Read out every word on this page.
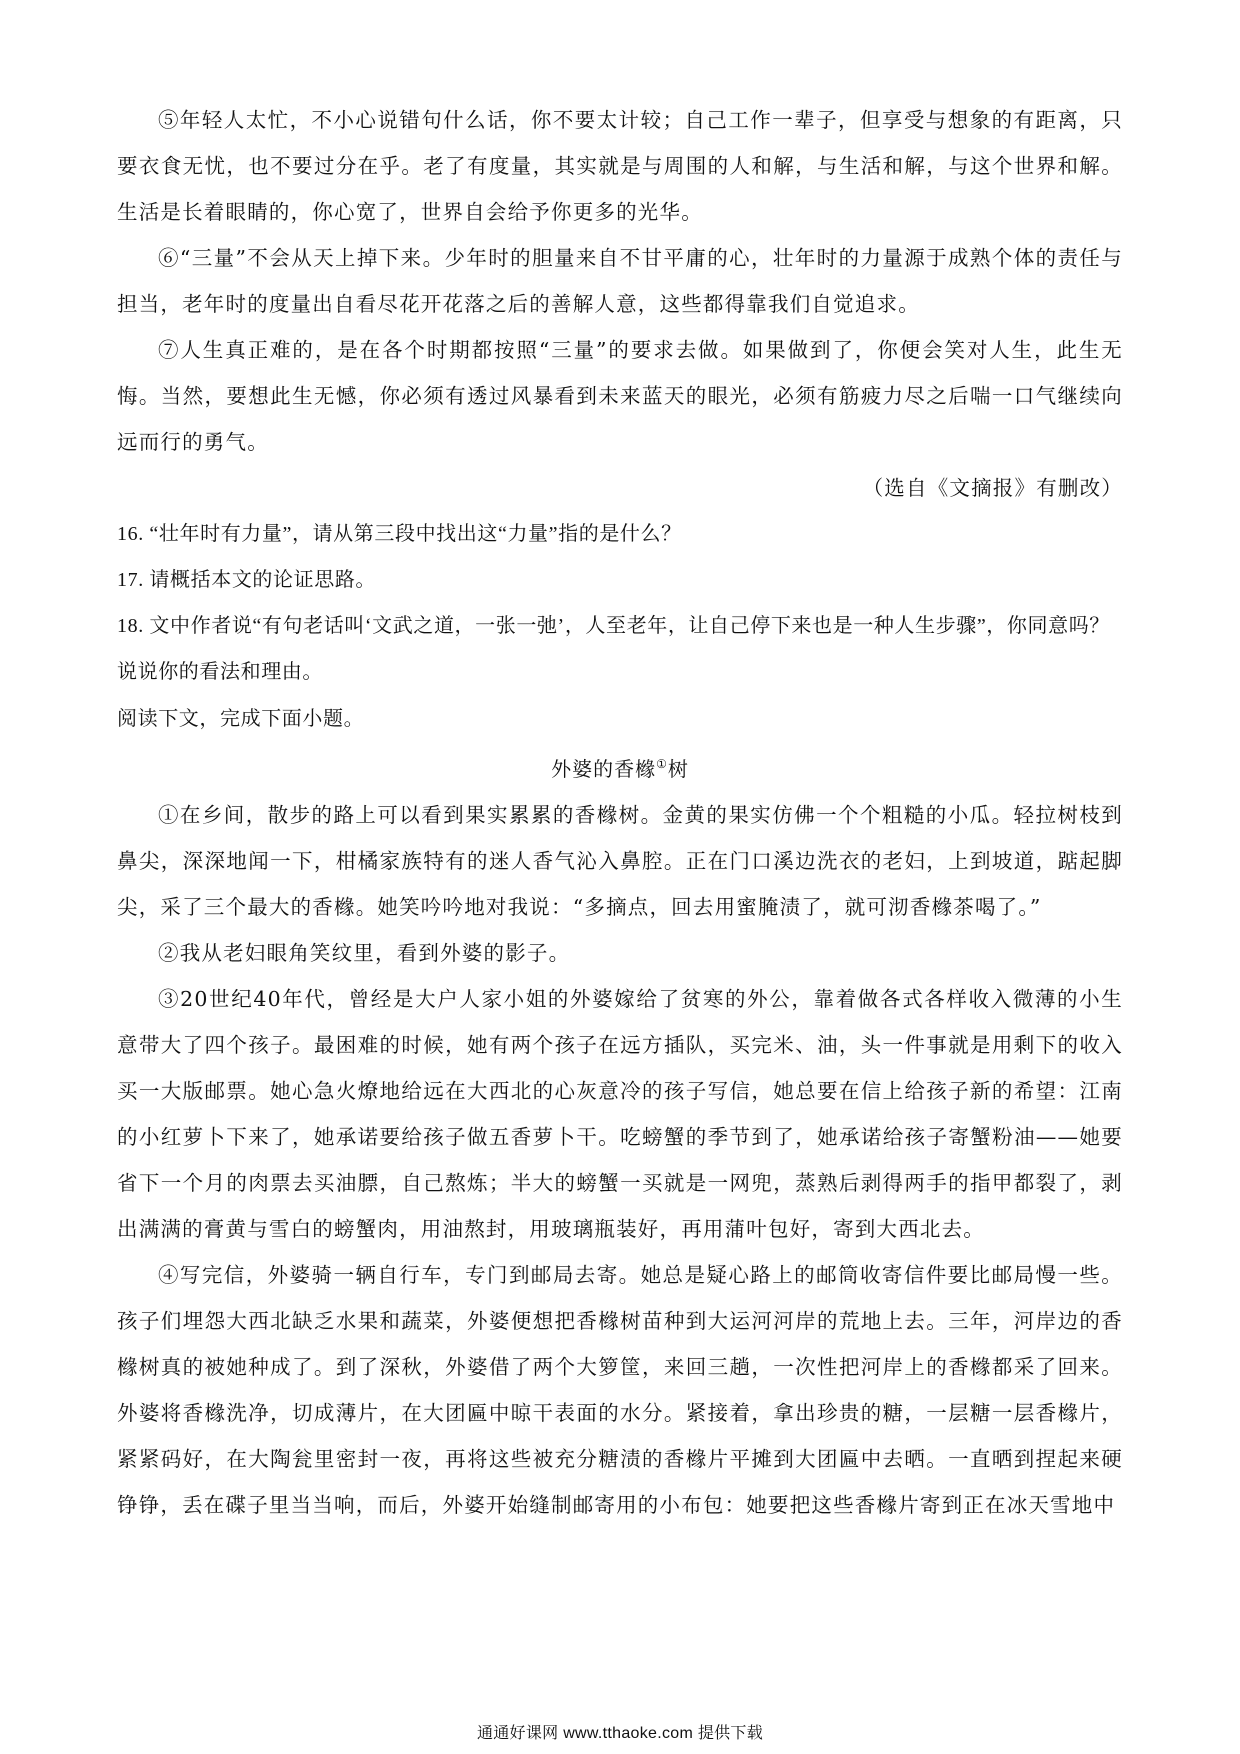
⑤年轻人太忙，不小心说错句什么话，你不要太计较；自己工作一辈子，但享受与想象的有距离，只要衣食无忧，也不要过分在乎。老了有度量，其实就是与周围的人和解，与生活和解，与这个世界和解。生活是长着眼睛的，你心宽了，世界自会给予你更多的光华。

⑥“三量”不会从天上掉下来。少年时的胆量来自不甘平庸的心，壮年时的力量源于成熟个体的责任与担当，老年时的度量出自看尽花开花落之后的善解人意，这些都得靠我们自觉追求。

⑦人生真正难的，是在各个时期都按照“三量”的要求去做。如果做到了，你便会笑对人生，此生无悔。当然，要想此生无憾，你必须有透过风暴看到未来蓝天的眼光，必须有筋疲力尽之后喘一口气继续向远而行的勇气。

（选自《文摘报》有删改）

16. “壮年时有力量”，请从第三段中找出这“力量”指的是什么？

17. 请概括本文的论证思路。

18. 文中作者说“有句老话叫‘文武之道，一张一弛’，人至老年，让自己停下来也是一种人生步骤”，你同意吗？说说你的看法和理由。

阅读下文，完成下面小题。

外婆的香橼①树

①在乡间，散步的路上可以看到果实累累的香橼树。金黄的果实仿佛一个个粗糙的小瓜。轻拉树枝到鼻尖，深深地闻一下，柑橘家族特有的迷人香气沁入鼻腔。正在门口溪边洗衣的老妇，上到坡道，踮起脚尖，采了三个最大的香橼。她笑吟吟地对我说：“多摘点，回去用蜜腌渍了，就可沏香橼茶喝了。”

②我从老妇眼角笑纹里，看到外婆的影子。

③20世纪40年代，曾经是大户人家小姐的外婆嫁给了贫寒的外公，靠着做各式各样收入微薄的小生意带大了四个孩子。最困难的时候，她有两个孩子在远方插队，买完米、油，头一件事就是用剩下的收入买一大版邮票。她心急火燎地给远在大西北的心灰意冷的孩子写信，她总要在信上给孩子新的希望：江南的小红萝卜下来了，她承诺要给孩子做五香萝卜干。吃螃蟹的季节到了，她承诺给孩子寄蟹粉油——她要省下一个月的肉票去买油膘，自己熬炼；半大的螃蟹一买就是一网兜，蒸熟后剥得两手的指甲都裂了，剥出满满的膏黄与雪白的螃蟹肉，用油熬封，用玻璃瓶装好，再用蒲叶包好，寄到大西北去。

④写完信，外婆骑一辆自行车，专门到邮局去寄。她总是疑心路上的邮筒收寄信件要比邮局慢一些。孩子们埋怨大西北缺乏水果和蔬菜，外婆便想把香橼树苗种到大运河河岸的荒地上去。三年，河岸边的香橼树真的被她种成了。到了深秋，外婆借了两个大箩筐，来回三趟，一次性把河岸上的香橼都采了回来。外婆将香橼洗净，切成薄片，在大团匾中晾干表面的水分。紧接着，拿出珍贵的糖，一层糖一层香橼片，紧紧码好，在大陶瓮里密封一夜，再将这些被充分糖渍的香橼片平摊到大团匾中去晒。一直晒到捏起来硬铮铮，丢在碟子里当当响，而后，外婆开始缝制邮寄用的小布包：她要把这些香橼片寄到正在冰天雪地中

通通好课网 www.tthaoke.com 提供下载
